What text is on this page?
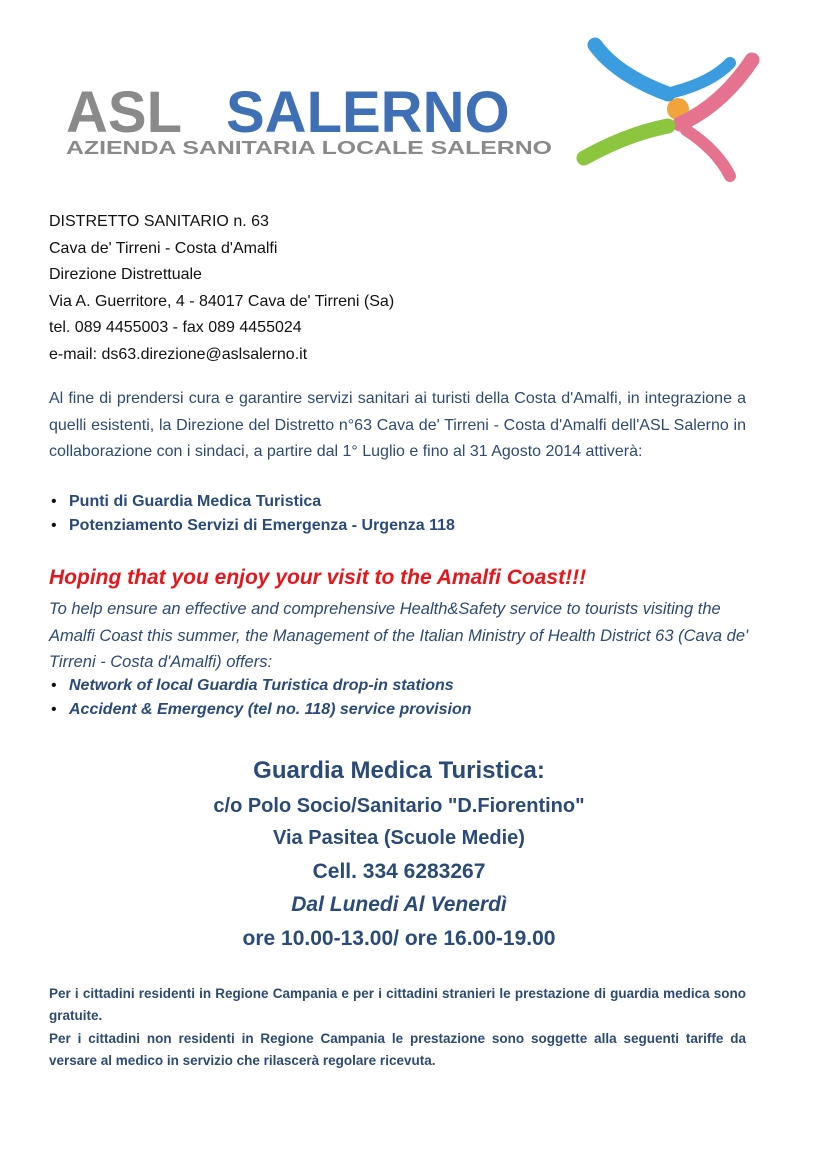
ASL SALERNO
AZIENDA SANITARIA LOCALE SALERNO
DISTRETTO SANITARIO n. 63
Cava de' Tirreni - Costa d'Amalfi
Direzione Distrettuale
Via A. Guerritore, 4 - 84017 Cava de' Tirreni (Sa)
tel. 089 4455003 - fax 089 4455024
e-mail: ds63.direzione@aslsalerno.it
Al fine di prendersi cura e garantire servizi sanitari ai turisti della Costa d'Amalfi, in integrazione a quelli esistenti, la Direzione del Distretto n°63 Cava de' Tirreni - Costa d'Amalfi dell'ASL Salerno in collaborazione con i sindaci, a partire dal 1° Luglio e fino al 31 Agosto 2014 attiverà:
• Punti di Guardia Medica Turistica
• Potenziamento Servizi di Emergenza - Urgenza 118
Hoping that you enjoy your visit to the Amalfi Coast!!!
To help ensure an effective and comprehensive Health&Safety service to tourists visiting the Amalfi Coast this summer, the Management of the Italian Ministry of Health District 63 (Cava de' Tirreni - Costa d'Amalfi) offers:
• Network of local Guardia Turistica drop-in stations
• Accident & Emergency (tel no. 118) service provision
Guardia Medica Turistica:
c/o Polo Socio/Sanitario "D.Fiorentino"
Via Pasitea (Scuole Medie)
Cell. 334 6283267
Dal Lunedi Al Venerdì
ore 10.00-13.00/ ore 16.00-19.00
Per i cittadini residenti in Regione Campania e per i cittadini stranieri le prestazione di guardia medica sono gratuite.
Per i cittadini non residenti in Regione Campania le prestazione sono soggette alla seguenti tariffe da versare al medico in servizio che rilascerà regolare ricevuta.
